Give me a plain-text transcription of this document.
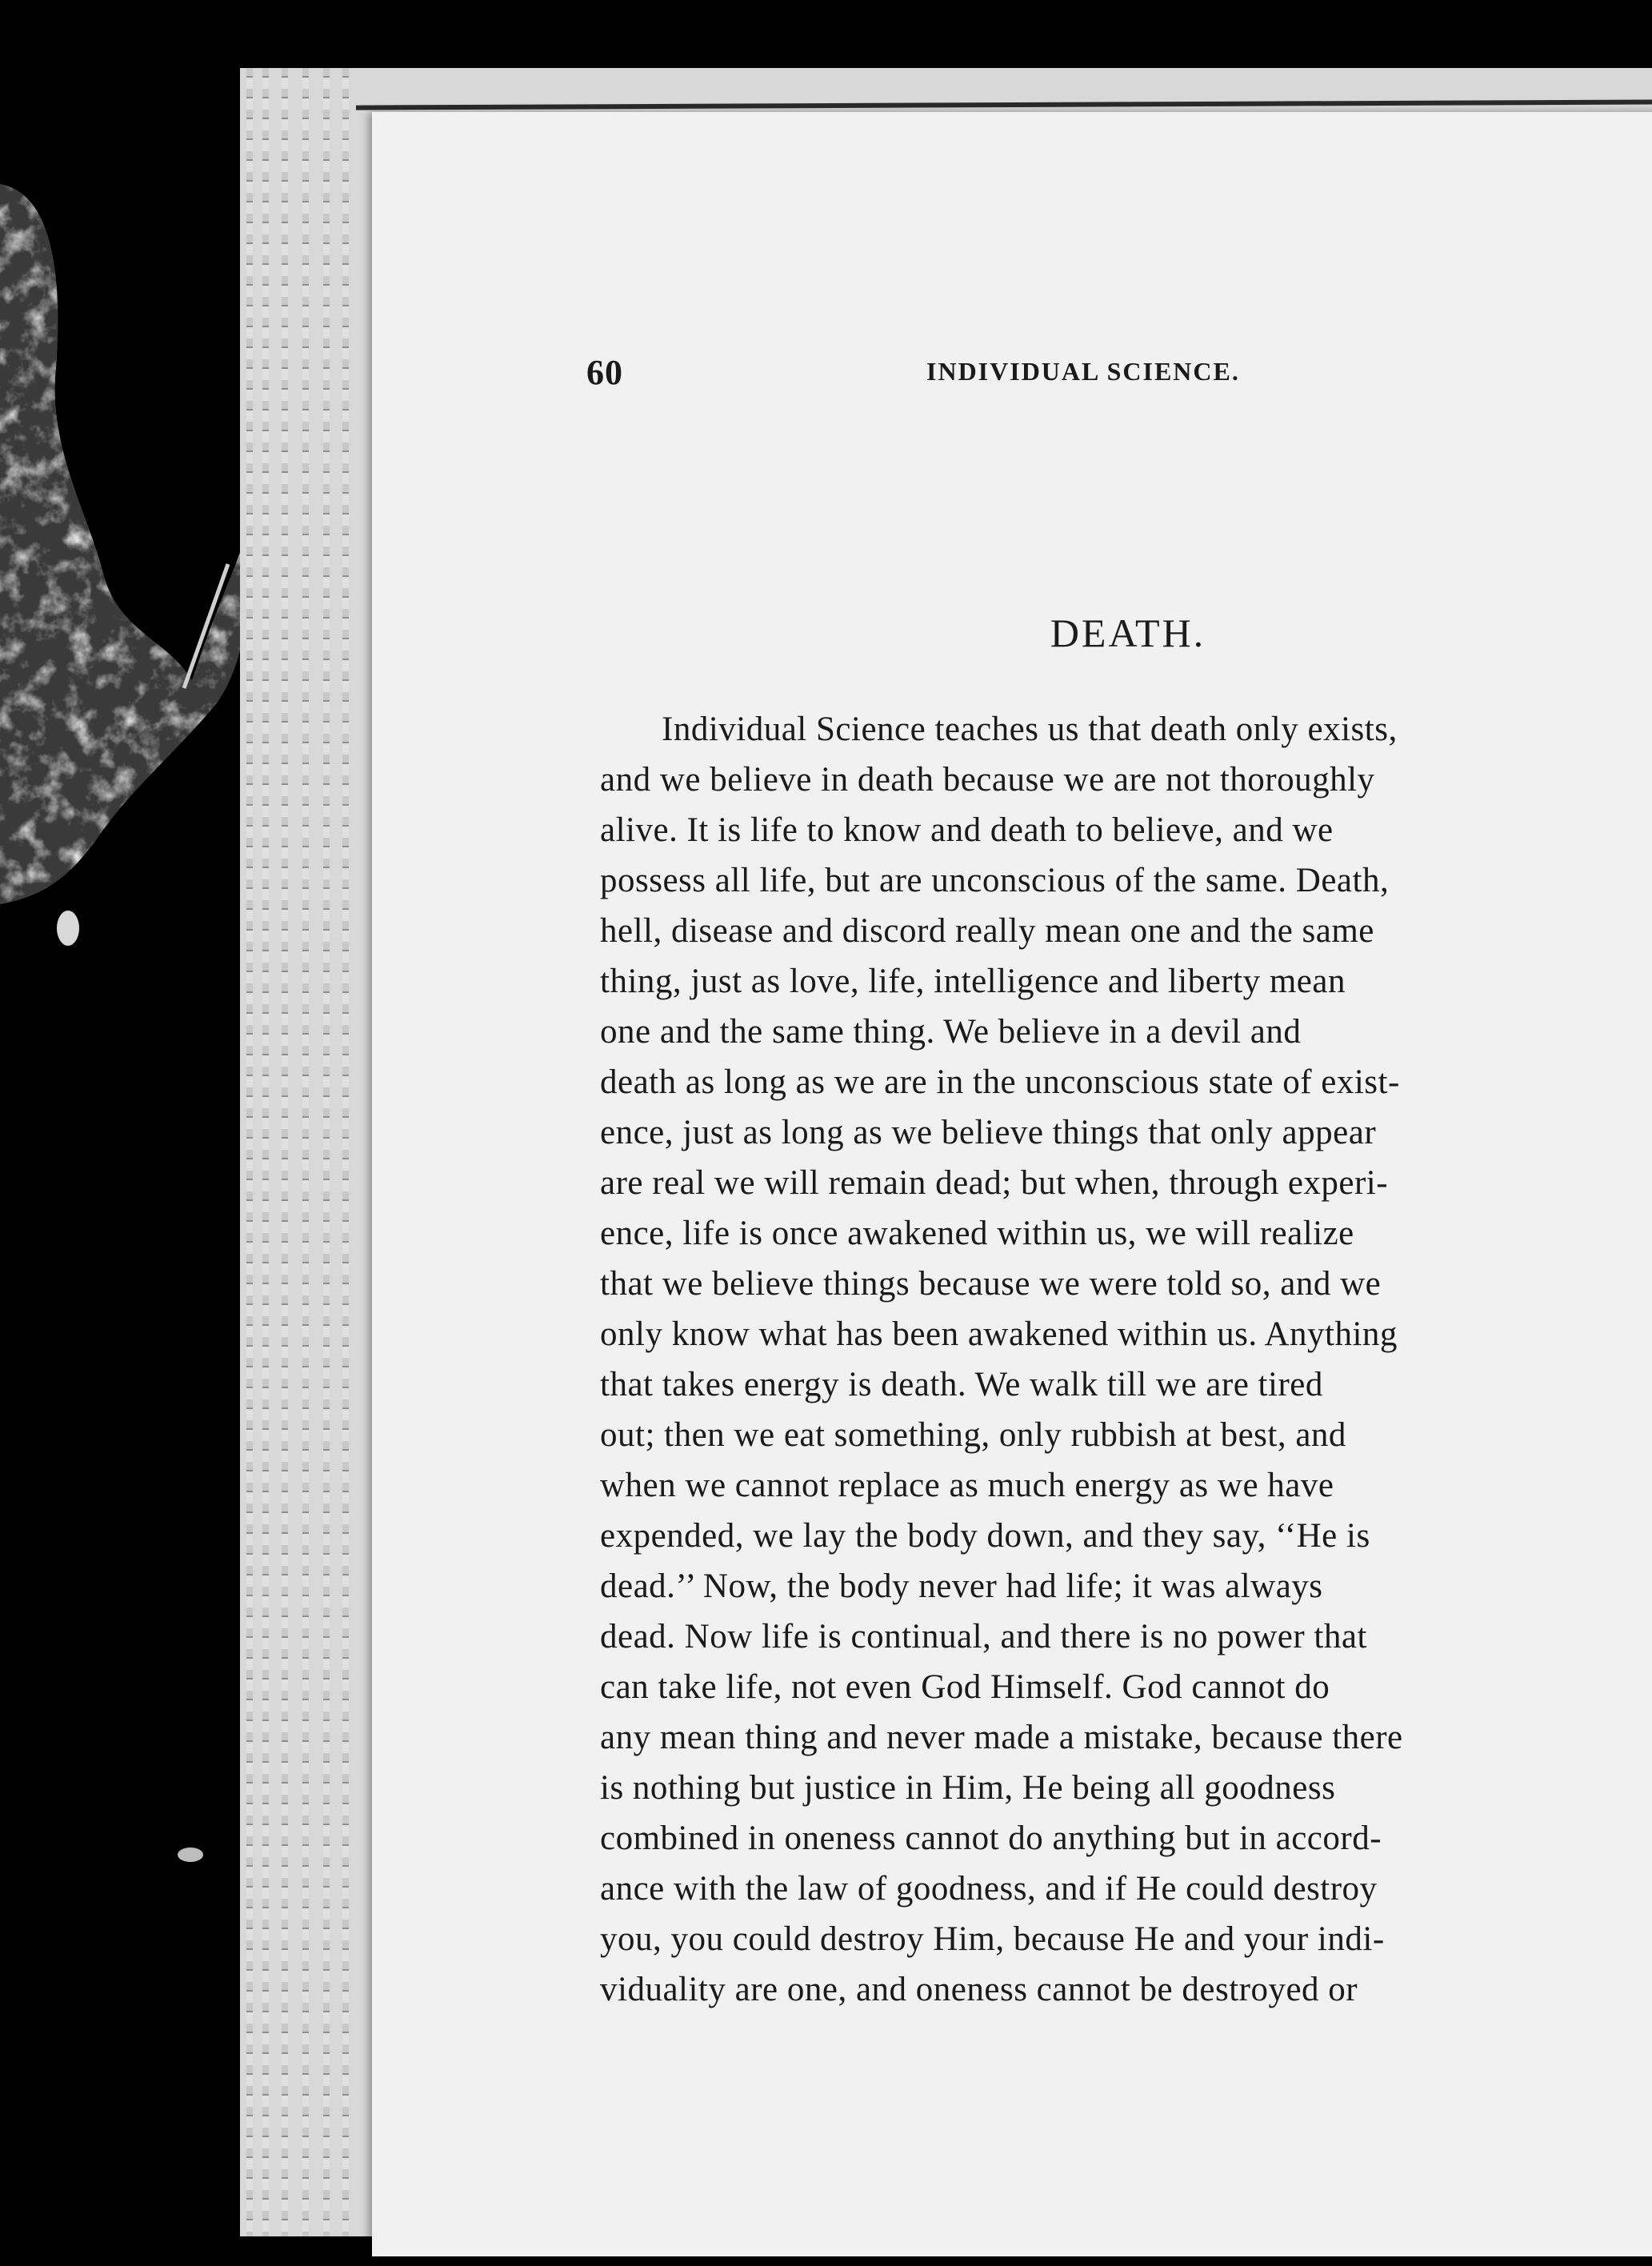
60	INDIVIDUAL SCIENCE.
DEATH.
Individual Science teaches us that death only exists,
and we believe in death because we are not thoroughly
alive. It is life to know and death to believe, and we
possess all life, but are unconscious of the same. Death,
hell, disease and discord really mean one and the same
thing, just as love, life, intelligence and liberty mean
one and the same thing. We believe in a devil and
death as long as we are in the unconscious state of exist-
ence, just as long as we believe things that only appear
are real we will remain dead; but when, through experi-
ence, life is once awakened within us, we will realize
that we believe things because we were told so, and we
only know what has been awakened within us. Anything
that takes energy is death. We walk till we are tired
out; then we eat something, only rubbish at best, and
when we cannot replace as much energy as we have
expended, we lay the body down, and they say, ‘‘He is
dead.’’ Now, the body never had life; it was always
dead. Now life is continual, and there is no power that
can take life, not even God Himself. God cannot do
any mean thing and never made a mistake, because there
is nothing but justice in Him, He being all goodness
combined in oneness cannot do anything but in accord-
ance with the law of goodness, and if He could destroy
you, you could destroy Him, because He and your indi-
viduality are one, and oneness cannot be destroyed or
